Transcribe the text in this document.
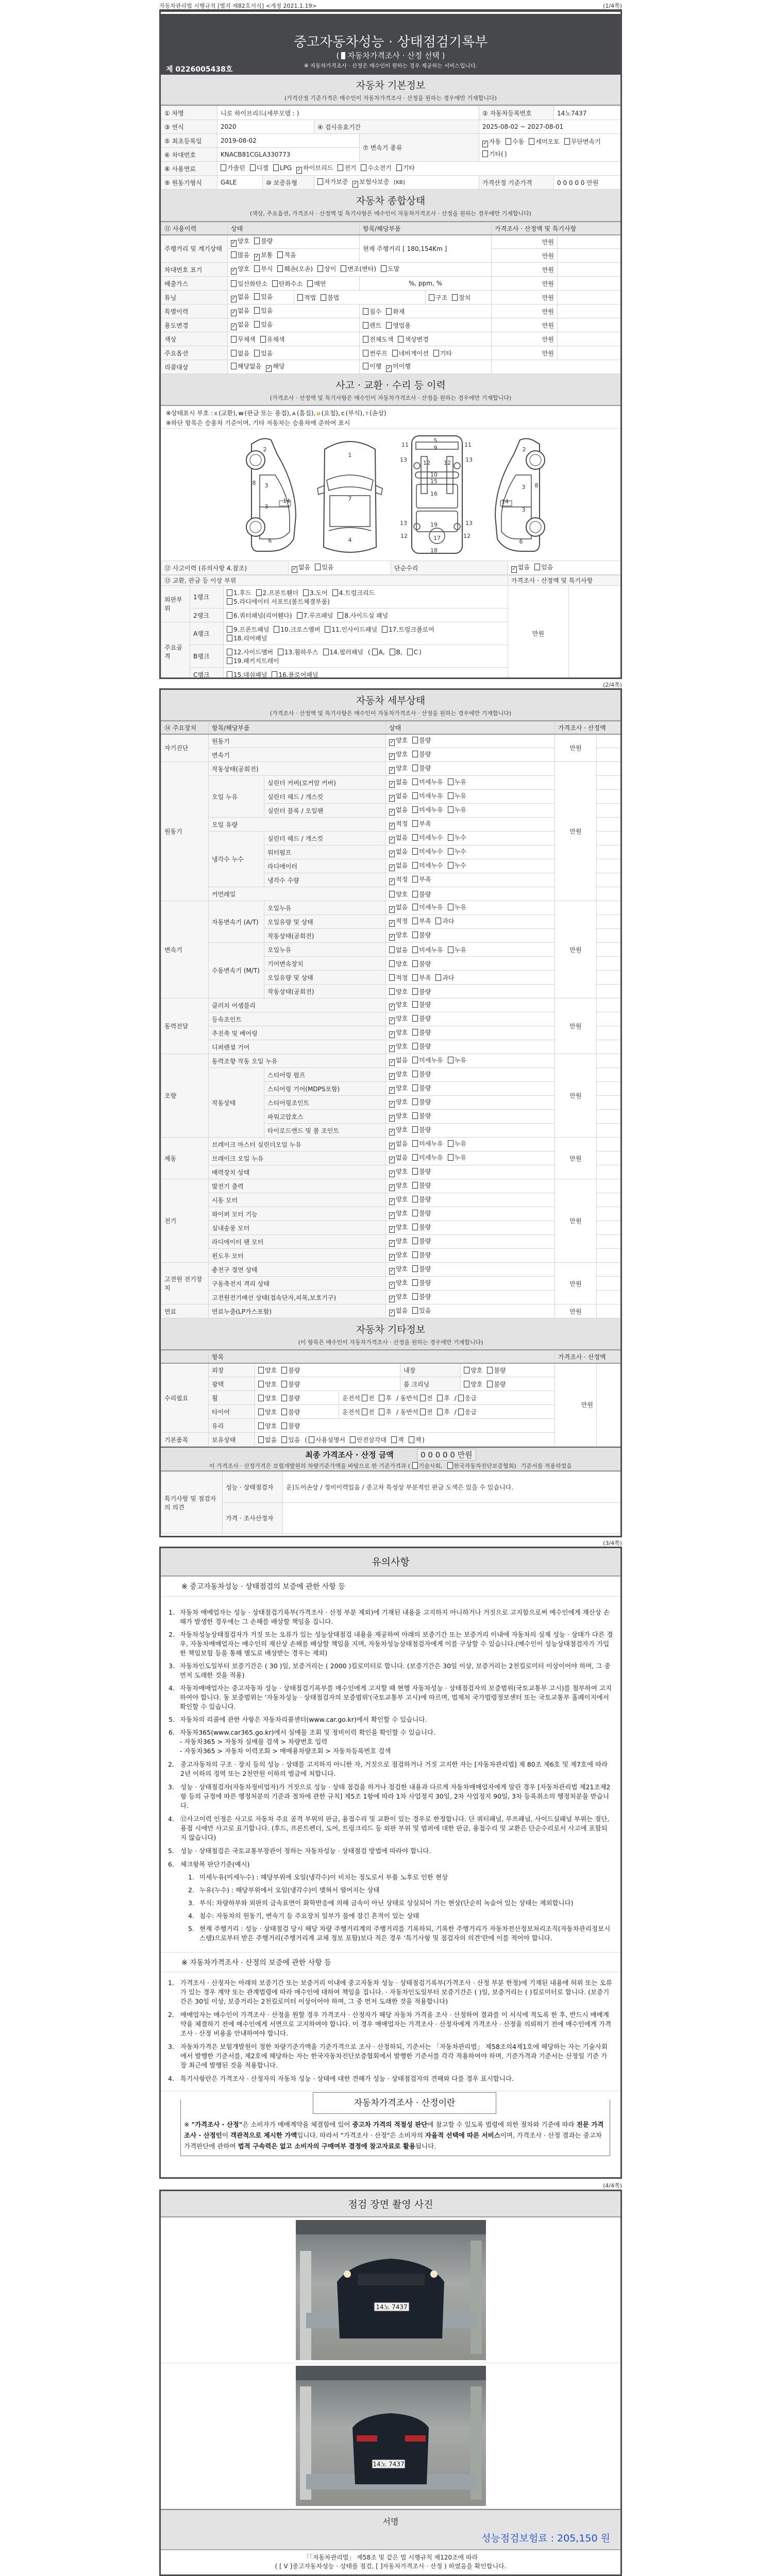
자동차관리법 시행규칙 [별지 제82호서식] <개정 2021.1.19>	(1/4쪽)
중고자동차성능 · 상태점검기록부
( 자동차가격조사 · 산정 선택 )
※ 자동차가격조사 · 산정은 매수인이 원하는 경우 제공하는 서비스입니다.
제 0226005438호
자동차 기본정보
(가격산정 기준가격은 매수인이 자동차가격조사 · 산정을 원하는 경우에만 기재합니다)
① 차명	니로 하이브리드(세부모델 : )				② 자동차등록번호	14노7437
③ 연식	2020		④ 검사유효기간		2025-08-02 ~ 2027-08-01	
⑤ 최초등록일	2019-08-02			⑦ 변속기 종류	✓자동 수동 세미오토 무단변속기기타( )
⑥ 차대번호	KNACB81CGLA330773					
⑧ 사용연료	가솔린 디젤 LPG ✓ 하이브리드 전기 수소전기 기타
⑨ 원동기형식	G4LE	⑩ 보증유형	자가보증 ✓ 보험사보증 [KB]		가격산정 기준가격	0 0 0 0 0 만원
자동차 종합상태
(색상, 주요옵션, 가격조사 · 산정액 및 특기사항은 매수인이 자동차가격조사 · 산정을 원하는 경우에만 기재합니다)
⑪ 사용이력	상태		항목/해당부품		가격조사 · 산정액 및 특기사항	
주행거리 및 계기상태	✓양호 불량		현재 주행거리 [ 180,154Km ]		만원	
	많음 ✓ 보통 적음				만원	
차대번호 표기	✓양호 부식 훼손(오손) 상이 변조(변타) 도말				만원	
배출가스	일산화탄소 탄화수소 매연		%, ppm, %		만원	
튜닝	✓없음 있음	적법 불법		구조 장치	만원	
특별이력	✓없음 있음		침수 화재		만원	
용도변경	✓없음 있음		렌트 영업용		만원	
색상	무채색 유채색		전체도색 색상변경		만원	
주요옵션	없음 있음		썬루프 네비게이션 기타		만원	
리콜대상	해당없음 ✓ 해당		이행 ✓ 미이행	
사고 · 교환 · 수리 등 이력
(가격조사 · 산정액 및 특기사항은 매수인이 자동차가격조사 · 산정을 원하는 경우에만 기재합니다)
※상태표시 부호 : X (교환), W (판금 또는 용접), A (흠집), U (요철), C (부식), T (손상)
※하단 항목은 승용차 기준이며, 기타 자동차는 승용차에 준하여 표시
2
8 3
3
14
6
1
7
4
5
9
11	11
13	13
12 12
10
15
16
13	13
19
12	12
17
18
2
3 8
14
3
6
⑫ 사고이력 (유의사항 4.참조)	✓없음 있음	단순수리	✓없음 있음
⑬ 교환, 판금 등 이상 부위			가격조사 · 산정액 및 특기사항	
외판부위	1랭크	1.후드 2.프론트휀더 3.도어 4.트렁크리드
5.라디에이터 서포트(볼트체결부품)	만원	
	2랭크	6.쿼터패널(리어휀다) 7.루프패널 8.사이드실 패널		

주요골격	A랭크	9.프론트패널 10.크로스멤버 11.인사이드패널 17.트렁크플로어
18.리어패널		

	B랭크	12.사이드멤버 13.휠하우스 14.필러패널 ( A, B, C )
19.패키지트레이		

	C랭크	15.대쉬패널 16.플로어패널		
(2/4쪽)
자동차 세부상태
(가격조사 · 산정액 및 특기사항은 매수인이 자동차가격조사 · 산정을 원하는 경우에만 기재합니다)
⑭ 주요장치	항목/해당부품		상태	가격조사 · 산정액	
자기진단	원동기	✓양호 불량	만원	
	변속기	✓양호 불량	
원동기	작동상태(공회전)	✓양호 불량	만원	
	오일 누유	실린더 커버(로커암 커버)	✓없음 미세누유 누유	
		실린더 헤드 / 개스킷	✓없음 미세누유 누유	
		실린더 블록 / 오일팬	✓없음 미세누유 누유	
	오일 유량	✓적정 부족	
	냉각수 누수	실린더 헤드 / 개스킷	✓없음 미세누수 누수	
		워터펌프	✓없음 미세누수 누수	
		라디에이터	✓없음 미세누수 누수	
		냉각수 수량	✓적정 부족	
	커먼레일		양호 불량		
변속기	자동변속기 (A/T)	오일누유	✓없음 미세누유 누유	만원	
		오일유량 및 상태	✓적정 부족 과다	
		작동상태(공회전)	✓양호 불량	
	수동변속기 (M/T)	오일누유	없음 미세누유 누유		
		기어변속장치	양호 불량		
		오일유량 및 상태	적정 부족 과다		
		작동상태(공회전)	양호 불량		
동력전달	클러치 어셈블리	✓양호 불량	만원	
	등속조인트	✓양호 불량	
	추진축 및 베어링	✓양호 불량	
	디퍼렌셜 기어	✓양호 불량	
조향	동력조향 작동 오일 누유	✓없음 미세누유 누유	만원	
	작동상태	스티어링 펌프	✓양호 불량	
		스티어링 기어(MDPS포함)	✓양호 불량	
		스티어링조인트	✓양호 불량	
		파워고압호스	✓양호 불량	
		타이로드엔드 및 볼 조인트	✓양호 불량	
제동	브레이크 마스터 실린더오일 누유	✓없음 미세누유 누유	만원	
	브레이크 오일 누유	✓없음 미세누유 누유	
	배력장치 상태	✓양호 불량	
전기	발전기 출력	✓양호 불량	만원	
	시동 모터	✓양호 불량	
	와이퍼 모터 기능	✓양호 불량	
	실내송풍 모터	✓양호 불량	
	라디에이터 팬 모터	✓양호 불량	
	윈도우 모터	✓양호 불량	
고전원 전기장치	충전구 절연 상태	✓양호 불량	만원	
	구동축전지 격리 상태	✓양호 불량	
	고전원전기배선 상태(접속단자,피복,보호기구)	✓양호 불량	
연료	연료누출(LP가스포함)	✓없음 있음	만원	
자동차 기타정보
(이 항목은 매수인이 자동차가격조사 · 산정을 원하는 경우에만 기재합니다)
	항목					가격조사 · 산정액	
수리필요	외장	양호 불량		내장	양호 불량	만원	
	광택	양호 불량		룸 크리닝	양호 불량		
	휠	양호 불량	운전석 전 후 / 동반석 전 후 / 응급				
	타이어	양호 불량	운전석 전 후 / 동반석 전 후 / 응급				
	유리	양호 불량					
기본품목	보유상태	없음 있음 ( 사용설명서 안전삼각대 잭 잭 )					
최종 가격조사 · 산정 금액	0 0 0 0 0 만원
이 가격조사 · 산정가격은 보험개발원의 차량기준가액을 바탕으로 한 기준가격과 ( 기술사회, 한국자동차진단보증협회) 기준서를 적용하였음
특기사항 및 점검자의 의견	성능 · 상태점검자	운)도어손상 / 정비이력있음 / 중고차 특성상 부분적인 판금 도색은 있을 수 있습니다.
	가격 · 조사산정자	
(3/4쪽)
유의사항
※ 중고자동차성능 · 상태점검의 보증에 관한 사항 등
1. 자동차 매매업자는 성능 · 상태점검기록부(가격조사 · 산정 부분 제외)에 기재된 내용을 고지하지 아니하거나 거짓으로 고지함으로써 매수인에게 재산상 손해가 발생한 경우에는 그 손해를 배상할 책임을 집니다.
2. 자동차성능상태점검자가 거짓 또는 오류가 있는 성능상태점검 내용을 제공하여 아래의 보증기간 또는 보증거리 이내에 자동차의 실제 성능 · 상태가 다른 경우, 자동차매매업자는 매수인의 재산상 손해를 배상할 책임을 지며, 자동차성능상태점검자에게 이를 구상할 수 있습니다.(매수인이 성능상태점검자가 가입한 책임보험 등을 통해 별도로 배상받는 경우는 제외)
3. 자동차인도일부터 보증기간은 ( 30 )일, 보증거리는 ( 2000 )킬로미터로 합니다. (보증기간은 30일 이상, 보증거리는 2천킬로미터 이상이어야 하며, 그 중 먼저 도래한 것을 적용)
4. 자동차매매업자는 중고자동차 성능 · 상태점검기록부를 매수인에게 고지할 때 현행 자동차성능 · 상태점검자의 보증범위(국토교통부 고시)를 첨부하여 고지하여야 합니다. 동 보증범위는 '자동차성능 · 상태점검자의 보증범위'(국토교통부 고시)에 따르며, 법제처 국가법령정보센터 또는 국토교통부 홈페이지에서 확인할 수 있습니다.
5. 자동차의 리콜에 관한 사항은 자동차리콜센터(www.car.go.kr)에서 확인할 수 있습니다.
6. 자동차365(www.car365.go.kr)에서 실매물 조회 및 정비이력 확인을 확인할 수 있습니다.
- 자동차365 > 자동차 실매물 검색 > 차량번호 입력
- 자동차365 > 자동차 이력조회 > 매매용차량조회 > 자동차등록번호 검색
2. 중고자동차의 구조 · 장치 등의 성능 · 상태를 고지하지 아니한 자, 거짓으로 점검하거나 거짓 고지한 자는 [자동차관리법] 제 80조 제6호 및 제7호에 따라 2년 이하의 징역 또는 2천만원 이하의 벌금에 처합니다.
3. 성능 · 상태점검자(자동차정비업자)가 거짓으로 성능 · 상태 점검을 하거나 점검한 내용과 다르게 자동차매매업자에게 알린 경우 [자동차관리법 제21조제2항 등의 규정에 따른 행정처분의 기준과 절차에 관한 규칙] 제5조 1항에 따라 1차 사업정지 30일, 2차 사업정지 90일, 3차 등록취소의 행정처분을 받습니다.
4. ⑫사고이력 인정은 사고로 자동차 주요 골격 부위의 판금, 용접수리 및 교환이 있는 경우로 한정합니다. 단 쿼터패널, 루프패널, 사이드실패널 부위는 절단, 용접 시에만 사고로 표기합니다. (후드, 프론트펜더, 도어, 트렁크리드 등 외판 부위 및 범퍼에 대한 판금, 용접수리 및 교환은 단순수리로서 사고에 포함되지 않습니다)
5. 성능 · 상태점검은 국토교통부장관이 정하는 자동차성능 · 상태점검 방법에 따라야 합니다.
6. 체크항목 판단기준(예시)
1. 미세누유(미세누수) : 해당부위에 오일(냉각수)이 비치는 정도로서 부품 노후로 인한 현상
2. 누유(누수) : 해당부위에서 오일(냉각수)이 맺혀서 떨어지는 상태
3. 부식: 차량하부와 외판의 금속표면이 화학반응에 의해 금속이 아닌 상태로 상실되어 가는 현상(단순히 녹슬어 있는 상태는 제외합니다)
4. 침수: 자동차의 원동기, 변속기 등 주요장치 일부가 물에 잠긴 흔적이 있는 상태
5. 현재 주행거리 : 성능 · 상태점검 당시 해당 차량 주행거리계의 주행거리를 기록하되, 기록한 주행거리가 자동차전산정보처리조직(자동차관리정보시스템)으로부터 받은 주행거리(주행거리계 교체 정보 포함)보다 적은 경우 '특기사항 및 점검자의 의견'란에 이를 적어야 합니다.
※ 자동차가격조사 · 산정의 보증에 관한 사항 등
1. 가격조사 · 산정자는 아래의 보증기간 또는 보증거리 이내에 중고자동차 성능 · 상태점검기록부(가격조사 · 산정 부분 한정)에 기재된 내용에 허위 또는 오류가 있는 경우 계약 또는 관계법령에 따라 매수인에 대하여 책임을 집니다. · 자동차인도일부터 보증기간은 ( )일, 보증거리는 ( )킬로미터로 합니다. (보증기간은 30일 이상, 보증거리는 2천킬로미터 이상이어야 하며, 그 중 먼저 도래한 것을 적용합니다)
2. 매매업자는 매수인이 가격조사 · 산정을 원할 경우 가격조사 · 산정자가 해당 자동차 가격을 조사 · 산정하여 결과를 이 서식에 적도록 한 후, 반드시 매매계약을 체결하기 전에 매수인에게 서면으로 고지하여야 합니다. 이 경우 매매업자는 가격조사 · 산정자에게 가격조사 · 산정을 의뢰하기 전에 매수인에게 가격조사 · 산정 비용을 안내하여야 합니다.
3. 자동차가격은 보험개발원이 정한 차량기준가액을 기준가격으로 조사 · 산정하되, 기준서는 「자동차관리법」 제58조의4제1호에 해당하는 자는 기술사회에서 발행한 기준서를, 제2호에 해당하는 자는 한국자동차진단보증협회에서 발행한 기준서를 각각 적용하여야 하며, 기준가격과 기준서는 산정일 기준 가장 최근에 발행된 것을 적용합니다.
4. 특기사항란은 가격조사 · 산정자의 자동차 성능 · 상태에 대한 견해가 성능 · 상태점검자의 견해와 다를 경우 표시합니다.
자동차가격조사 · 산정이란
※ "가격조사 · 산정"은 소비자가 매매계약을 체결함에 있어 중고차 가격의 적절성 판단에 참고할 수 있도록 법령에 의한 절차와 기준에 따라 전문 가격조사 · 산정인이 객관적으로 제시한 가액입니다. 따라서 "가격조사 · 산정"은 소비자의 자율적 선택에 따른 서비스이며, 가격조사 · 산정 결과는 중고차 가격판단에 관하여 법적 구속력은 없고 소비자의 구매여부 결정에 참고자료로 활용됩니다.
(4/4쪽)
점검 장면 촬영 사진
14노 7437
14노 7437
서명
성능점검보험료 : 205,150 원
「「자동차관리법」 제58조 및 같은 법 시행규칙 제120조에 따라
( [ V ]중고자동차성능 · 상태를 점검, [ ]자동차가격조사 · 산정 ) 하였음을 확인합니다.
